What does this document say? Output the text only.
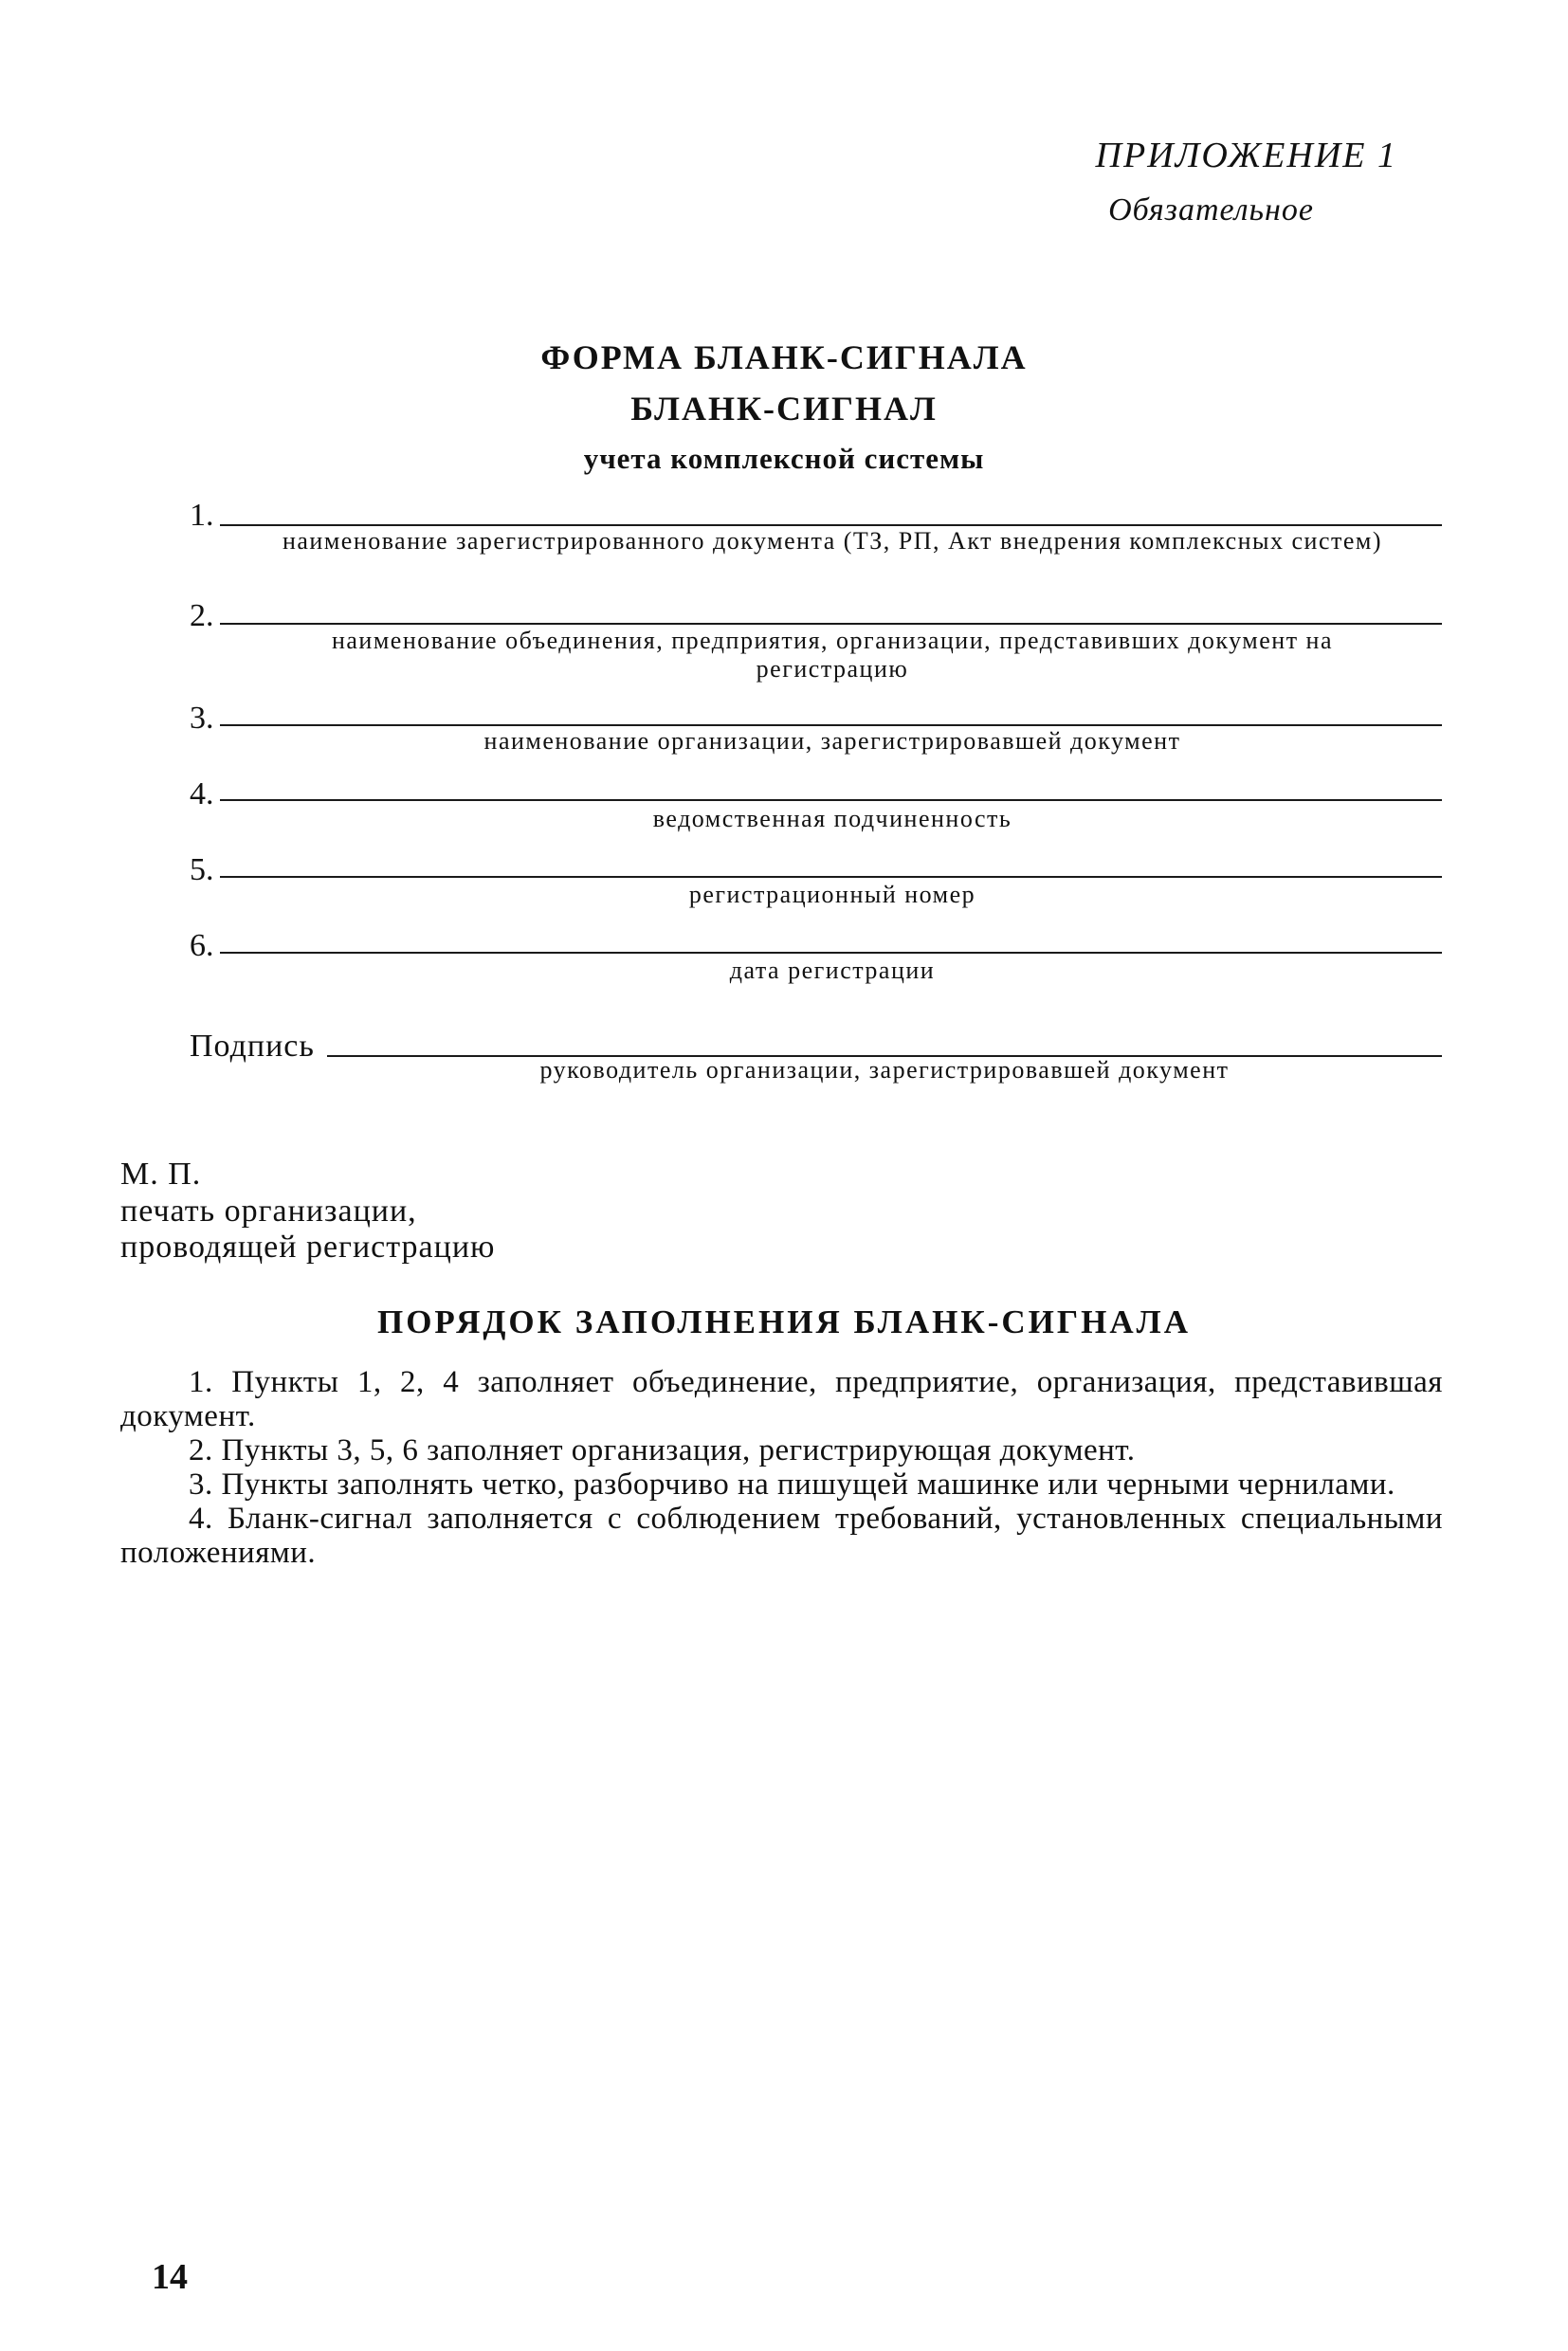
ПРИЛОЖЕНИЕ 1
Обязательное
ФОРМА БЛАНК-СИГНАЛА
БЛАНК-СИГНАЛ
учета комплексной системы
1.
наименование зарегистрированного документа (ТЗ, РП, Акт внедрения комплексных систем)
2.
наименование объединения, предприятия, организации, представивших документ на регистрацию
3.
наименование организации, зарегистрировавшей документ
4.
ведомственная подчиненность
5.
регистрационный номер
6.
дата регистрации
Подпись
руководитель организации, зарегистрировавшей документ
М. П.
печать организации,
проводящей регистрацию
ПОРЯДОК ЗАПОЛНЕНИЯ БЛАНК-СИГНАЛА

1. Пункты 1, 2, 4 заполняет объединение, предприятие, организация, представившая документ.

2. Пункты 3, 5, 6 заполняет организация, регистрирующая документ.

3. Пункты заполнять четко, разборчиво на пишущей машинке или черными чернилами.

4. Бланк-сигнал заполняется с соблюдением требований, установленных специальными положениями.

14
